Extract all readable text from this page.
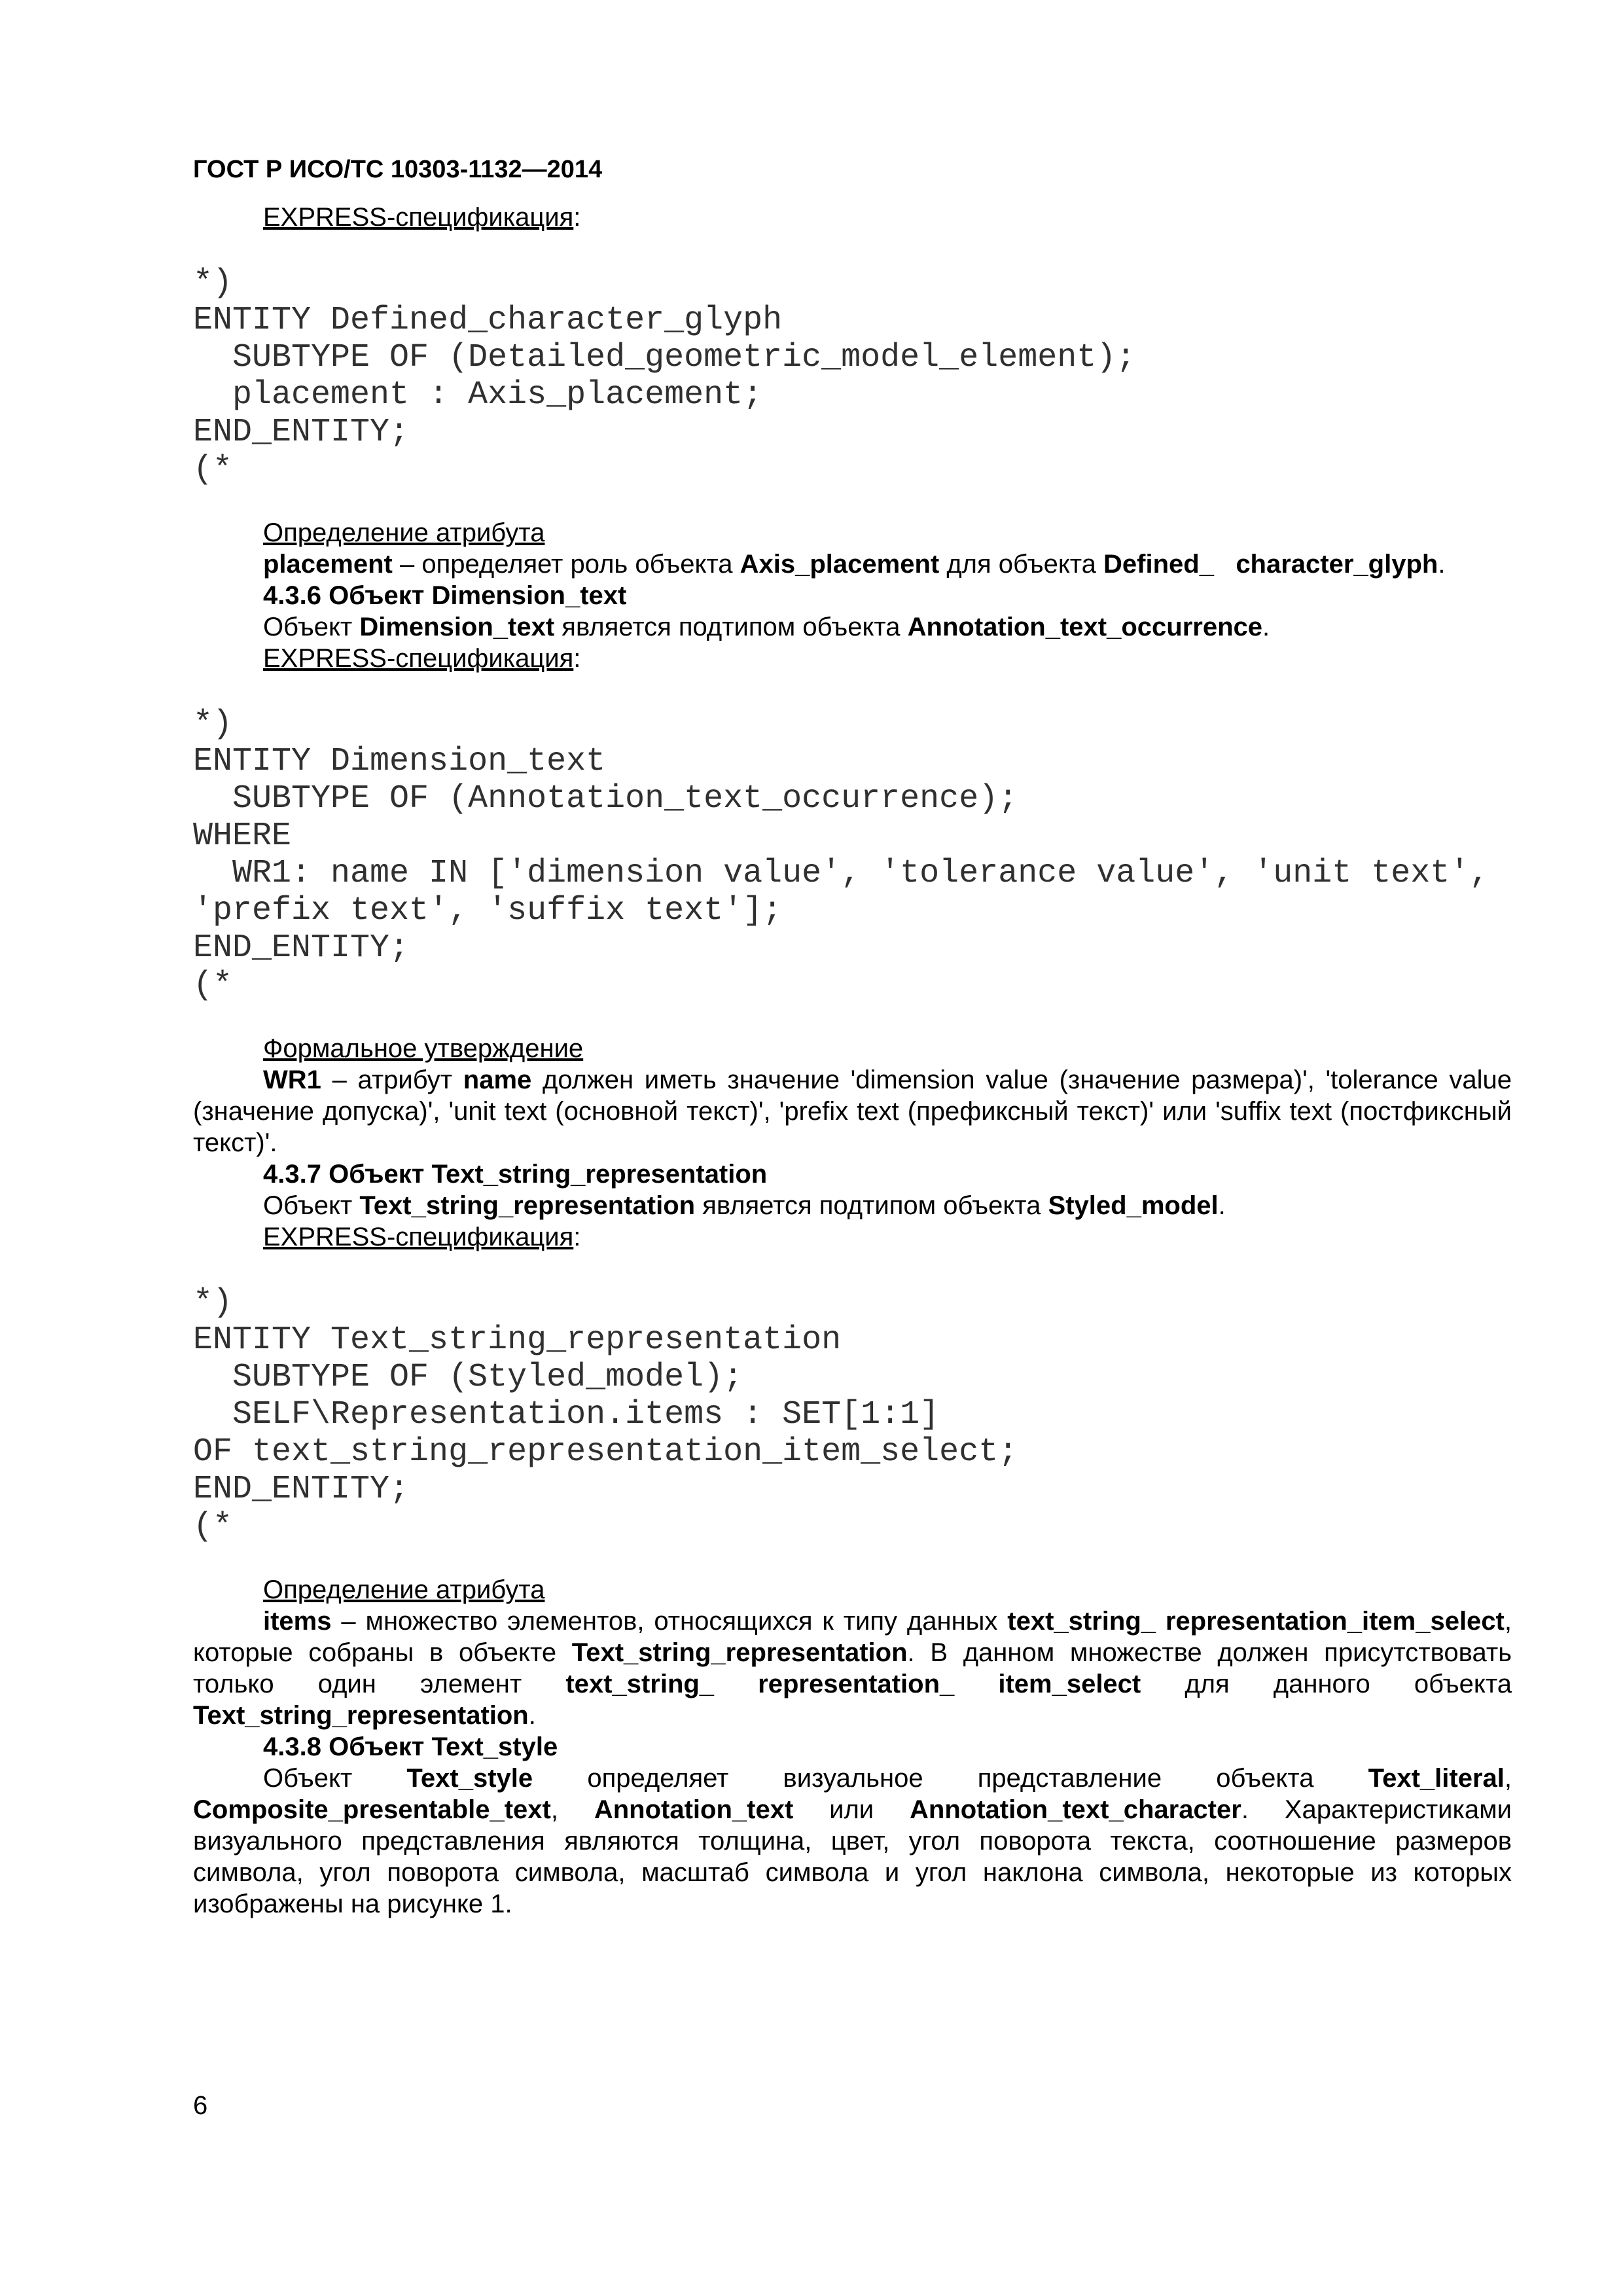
ГОСТ Р ИСО/ТС 10303-1132—2014
EXPRESS-спецификация:
*)
ENTITY Defined_character_glyph
SUBTYPE OF (Detailed_geometric_model_element);
placement : Axis_placement;
END_ENTITY;
(*
Определение атрибута
placement – определяет роль объекта Axis_placement для объекта Defined_   character_glyph.
4.3.6 Объект Dimension_text
Объект Dimension_text является подтипом объекта Annotation_text_occurrence.
EXPRESS-спецификация:
*)
ENTITY Dimension_text
SUBTYPE OF (Annotation_text_occurrence);
WHERE
WR1: name IN ['dimension value', 'tolerance value', 'unit text',
'prefix text', 'suffix text'];
END_ENTITY;
(*
Формальное утверждение
WR1 – атрибут name должен иметь значение 'dimension value (значение размера)', 'tolerance value (значение допуска)', 'unit text (основной текст)', 'prefix text (префиксный текст)' или 'suffix text (постфиксный текст)'.
4.3.7 Объект Text_string_representation
Объект Text_string_representation является подтипом объекта Styled_model.
EXPRESS-спецификация:
*)
ENTITY Text_string_representation
SUBTYPE OF (Styled_model);
SELF\Representation.items : SET[1:1]
OF text_string_representation_item_select;
END_ENTITY;
(*
Определение атрибута
items – множество элементов, относящихся к типу данных text_string_ representation_item_select, которые собраны в объекте Text_string_representation. В данном множестве должен присутствовать только один элемент text_string_ representation_ item_select для данного объекта Text_string_representation.
4.3.8 Объект Text_style
Объект Text_style определяет визуальное представление объекта Text_literal, Composite_presentable_text, Annotation_text или Annotation_text_character. Характеристиками визуального представления являются толщина, цвет, угол поворота текста, соотношение размеров символа, угол поворота символа, масштаб символа и угол наклона символа, некоторые из которых изображены на рисунке 1.
6
